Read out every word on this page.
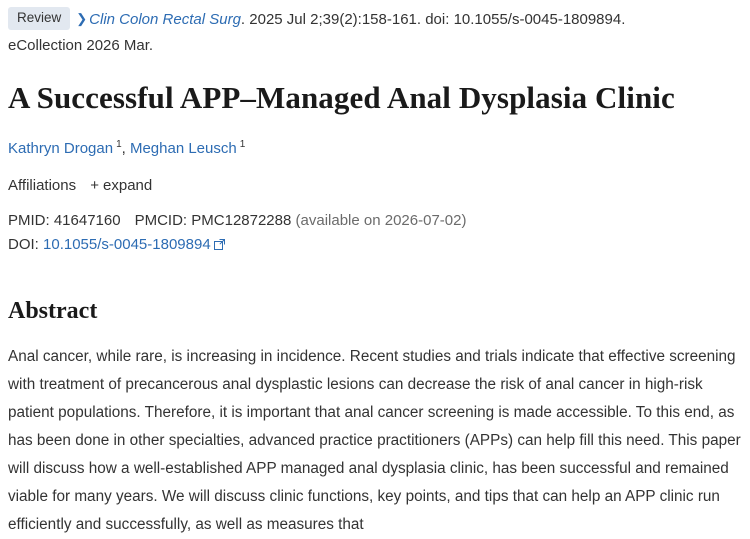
Review ❯ Clin Colon Rectal Surg. 2025 Jul 2;39(2):158-161. doi: 10.1055/s-0045-1809894.
eCollection 2026 Mar.
A Successful APP–Managed Anal Dysplasia Clinic
Kathryn Drogan $^1$, Meghan Leusch $^1$
Affiliations + expand
PMID: 41647160 PMCID: PMC12872288 (available on 2026-07-02)
DOI: 10.1055/s-0045-1809894
Abstract

Anal cancer, while rare, is increasing in incidence. Recent studies and trials indicate that effective screening with treatment of precancerous anal dysplastic lesions can decrease the risk of anal cancer in high-risk patient populations. Therefore, it is important that anal cancer screening is made accessible. To this end, as has been done in other specialties, advanced practice practitioners (APPs) can help fill this need. This paper will discuss how a well-established APP managed anal dysplasia clinic, has been successful and remained viable for many years. We will discuss clinic functions, key points, and tips that can help an APP clinic run efficiently and successfully, as well as measures that
